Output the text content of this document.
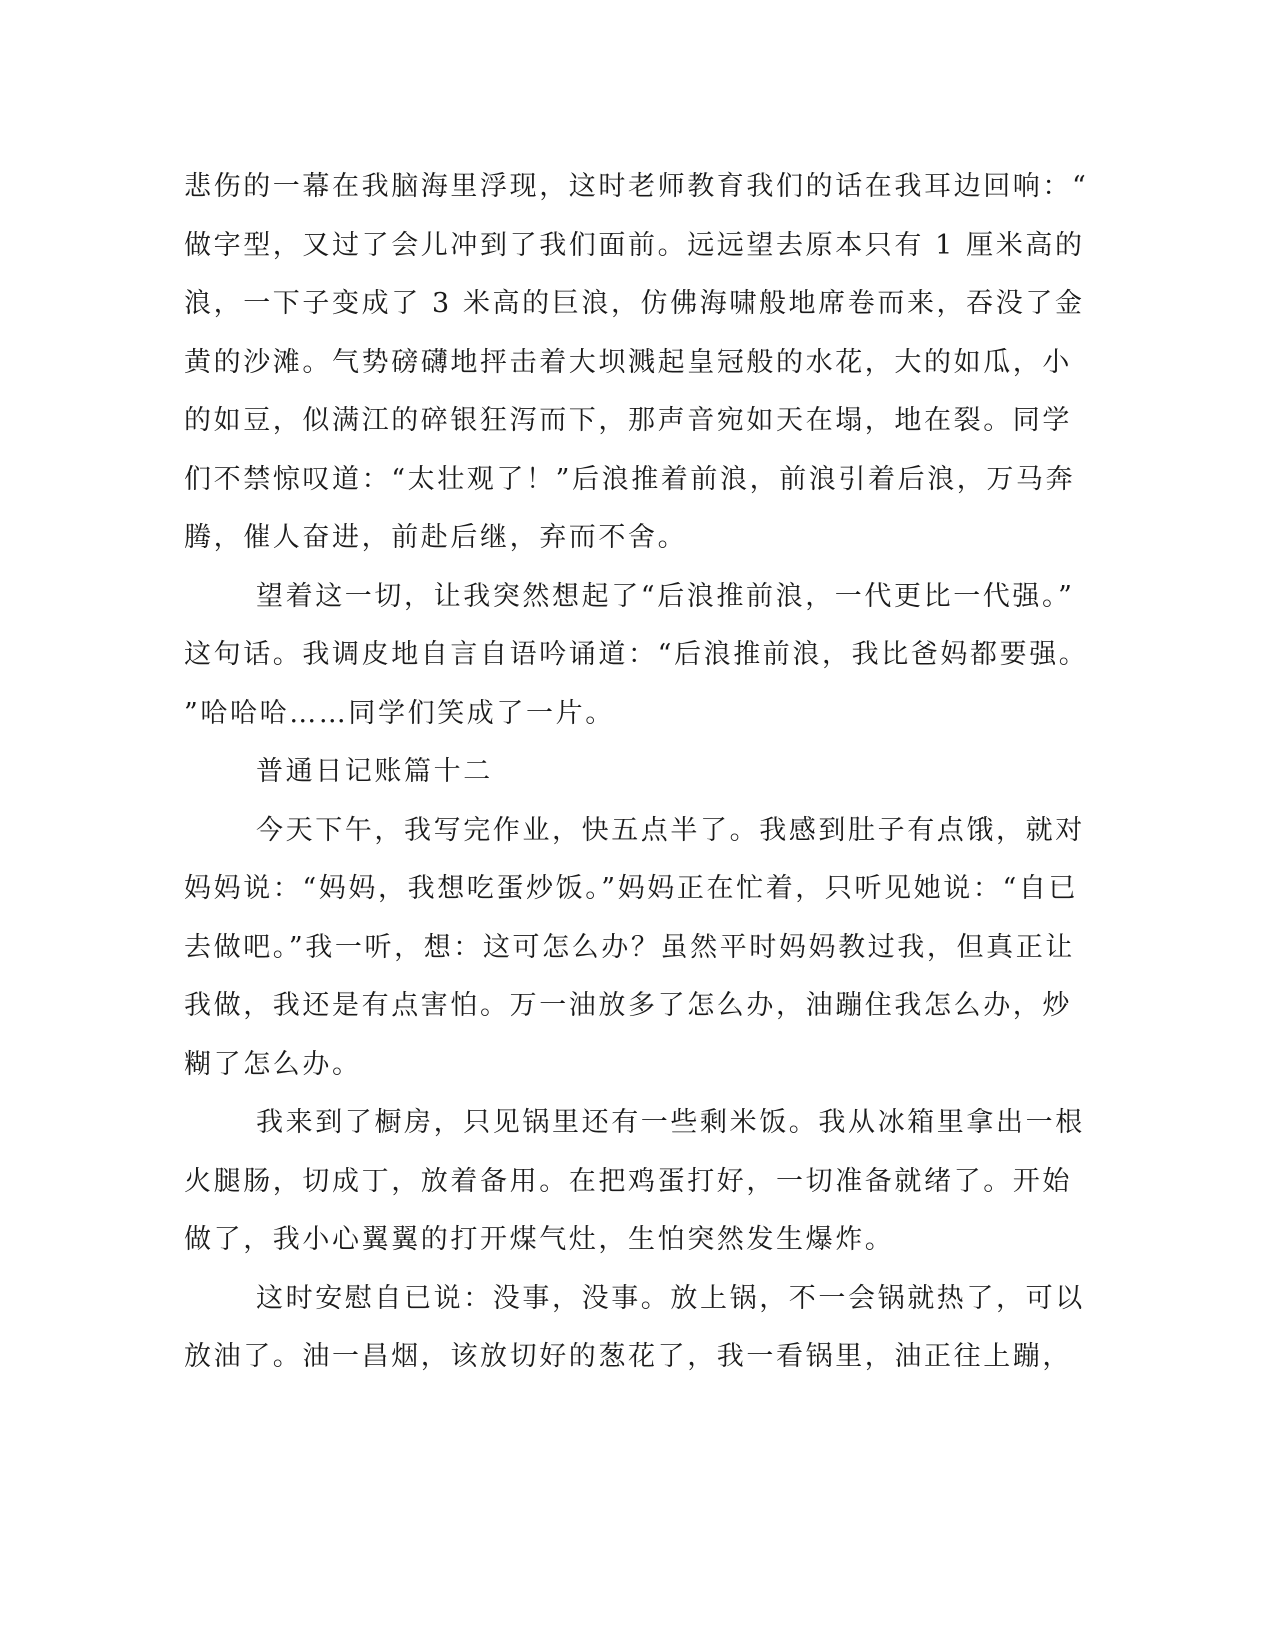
悲伤的一幕在我脑海里浮现，这时老师教育我们的话在我耳边回响：“
做字型，又过了会儿冲到了我们面前。远远望去原本只有 1 厘米高的
浪，一下子变成了 3 米高的巨浪，仿佛海啸般地席卷而来，吞没了金
黄的沙滩。气势磅礴地抨击着大坝溅起皇冠般的水花，大的如瓜，小
的如豆，似满江的碎银狂泻而下，那声音宛如天在塌，地在裂。同学
们不禁惊叹道：“太壮观了！”后浪推着前浪，前浪引着后浪，万马奔
腾，催人奋进，前赴后继，弃而不舍。
望着这一切，让我突然想起了“后浪推前浪，一代更比一代强。”
这句话。我调皮地自言自语吟诵道：“后浪推前浪，我比爸妈都要强。
”哈哈哈……同学们笑成了一片。
普通日记账篇十二
今天下午，我写完作业，快五点半了。我感到肚子有点饿，就对
妈妈说：“妈妈，我想吃蛋炒饭。”妈妈正在忙着，只听见她说：“自已
去做吧。”我一听，想：这可怎么办？虽然平时妈妈教过我，但真正让
我做，我还是有点害怕。万一油放多了怎么办，油蹦住我怎么办，炒
糊了怎么办。
我来到了橱房，只见锅里还有一些剩米饭。我从冰箱里拿出一根
火腿肠，切成丁，放着备用。在把鸡蛋打好，一切准备就绪了。开始
做了，我小心翼翼的打开煤气灶，生怕突然发生爆炸。
这时安慰自已说：没事，没事。放上锅，不一会锅就热了，可以
放油了。油一昌烟，该放切好的葱花了，我一看锅里，油正往上蹦，
